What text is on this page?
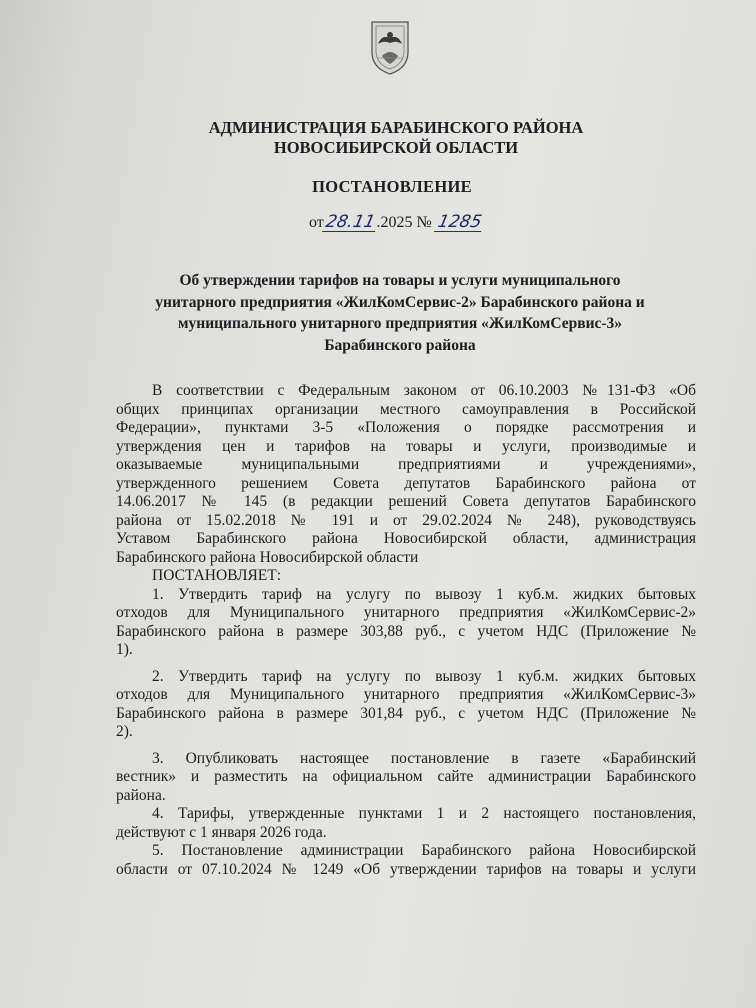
АДМИНИСТРАЦИЯ БАРАБИНСКОГО РАЙОНА
НОВОСИБИРСКОЙ ОБЛАСТИ
ПОСТАНОВЛЕНИЕ
от28.11.2025 № 1285
Об утверждении тарифов на товары и услуги муниципального
унитарного предприятия «ЖилКомСервис-2» Барабинского района и
муниципального унитарного предприятия «ЖилКомСервис-3»
Барабинского района
В соответствии с Федеральным законом от 06.10.2003 №131-ФЗ «Об
общих принципах организации местного самоуправления в Российской
Федерации», пунктами 3-5 «Положения о порядке рассмотрения и
утверждения цен и тарифов на товары и услуги, производимые и
оказываемые муниципальными предприятиями и учреждениями»,
утвержденного решением Совета депутатов Барабинского района от
14.06.2017 № 145 (в редакции решений Совета депутатов Барабинского
района от 15.02.2018 № 191 и от 29.02.2024 № 248), руководствуясь
Уставом Барабинского района Новосибирской области, администрация
Барабинского района Новосибирской области
ПОСТАНОВЛЯЕТ:
1. Утвердить тариф на услугу по вывозу 1 куб.м. жидких бытовых
отходов для Муниципального унитарного предприятия «ЖилКомСервис-2»
Барабинского района в размере 303,88 руб., с учетом НДС (Приложение №
1).
2. Утвердить тариф на услугу по вывозу 1 куб.м. жидких бытовых
отходов для Муниципального унитарного предприятия «ЖилКомСервис-3»
Барабинского района в размере 301,84 руб., с учетом НДС (Приложение №
2).
3. Опубликовать настоящее постановление в газете «Барабинский
вестник» и разместить на официальном сайте администрации Барабинского
района.
4. Тарифы, утвержденные пунктами 1 и 2 настоящего постановления,
действуют с 1 января 2026 года.
5. Постановление администрации Барабинского района Новосибирской
области от 07.10.2024 № 1249 «Об утверждении тарифов на товары и услуги
